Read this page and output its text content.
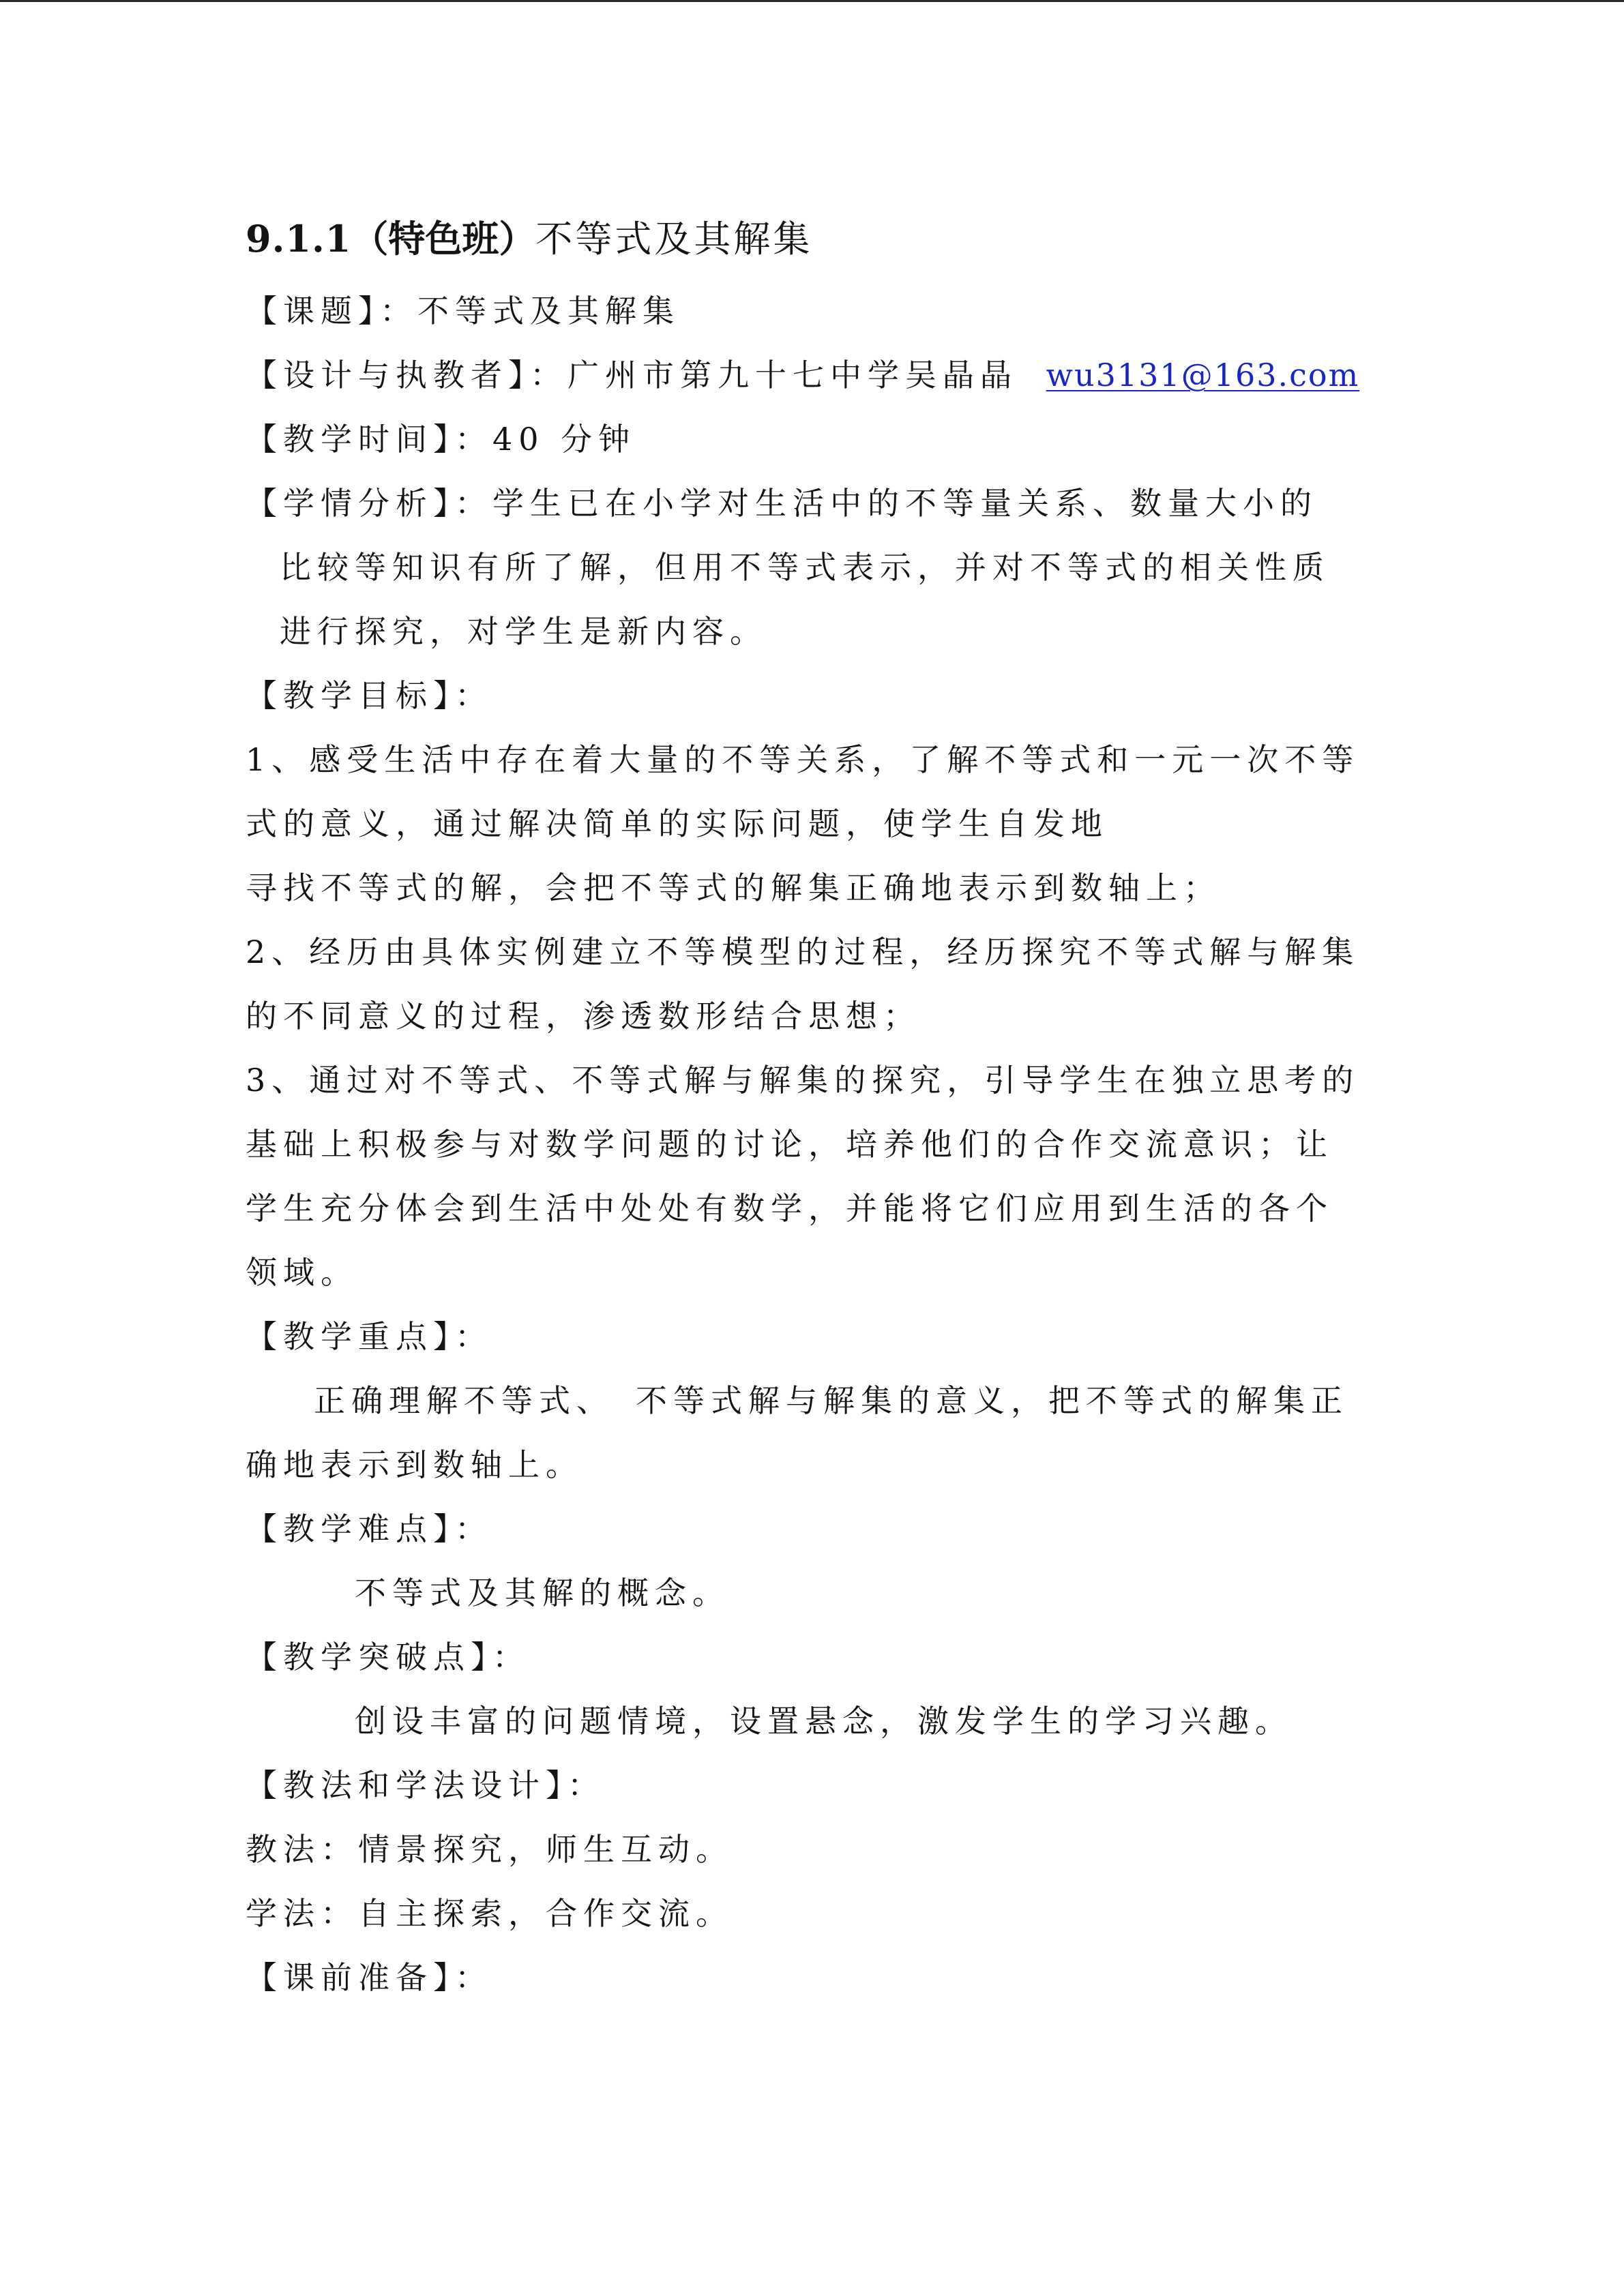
9.1.1（特色班）不等式及其解集
【课题】：不等式及其解集
【设计与执教者】：广州市第九十七中学吴晶晶 wu3131@163.com
【教学时间】：40 分钟
【学情分析】：学生已在小学对生活中的不等量关系、数量大小的
比较等知识有所了解，但用不等式表示，并对不等式的相关性质
进行探究，对学生是新内容。
【教学目标】：
1、感受生活中存在着大量的不等关系，了解不等式和一元一次不等
式的意义，通过解决简单的实际问题，使学生自发地
寻找不等式的解，会把不等式的解集正确地表示到数轴上；
2、经历由具体实例建立不等模型的过程，经历探究不等式解与解集
的不同意义的过程，渗透数形结合思想；
3、通过对不等式、不等式解与解集的探究，引导学生在独立思考的
基础上积极参与对数学问题的讨论，培养他们的合作交流意识；让
学生充分体会到生活中处处有数学，并能将它们应用到生活的各个
领域。
【教学重点】：
正确理解不等式、　不等式解与解集的意义，把不等式的解集正
确地表示到数轴上。
【教学难点】：
不等式及其解的概念。
【教学突破点】：
创设丰富的问题情境，设置悬念，激发学生的学习兴趣。
【教法和学法设计】：
教法：情景探究，师生互动。
学法：自主探索，合作交流。
【课前准备】：
